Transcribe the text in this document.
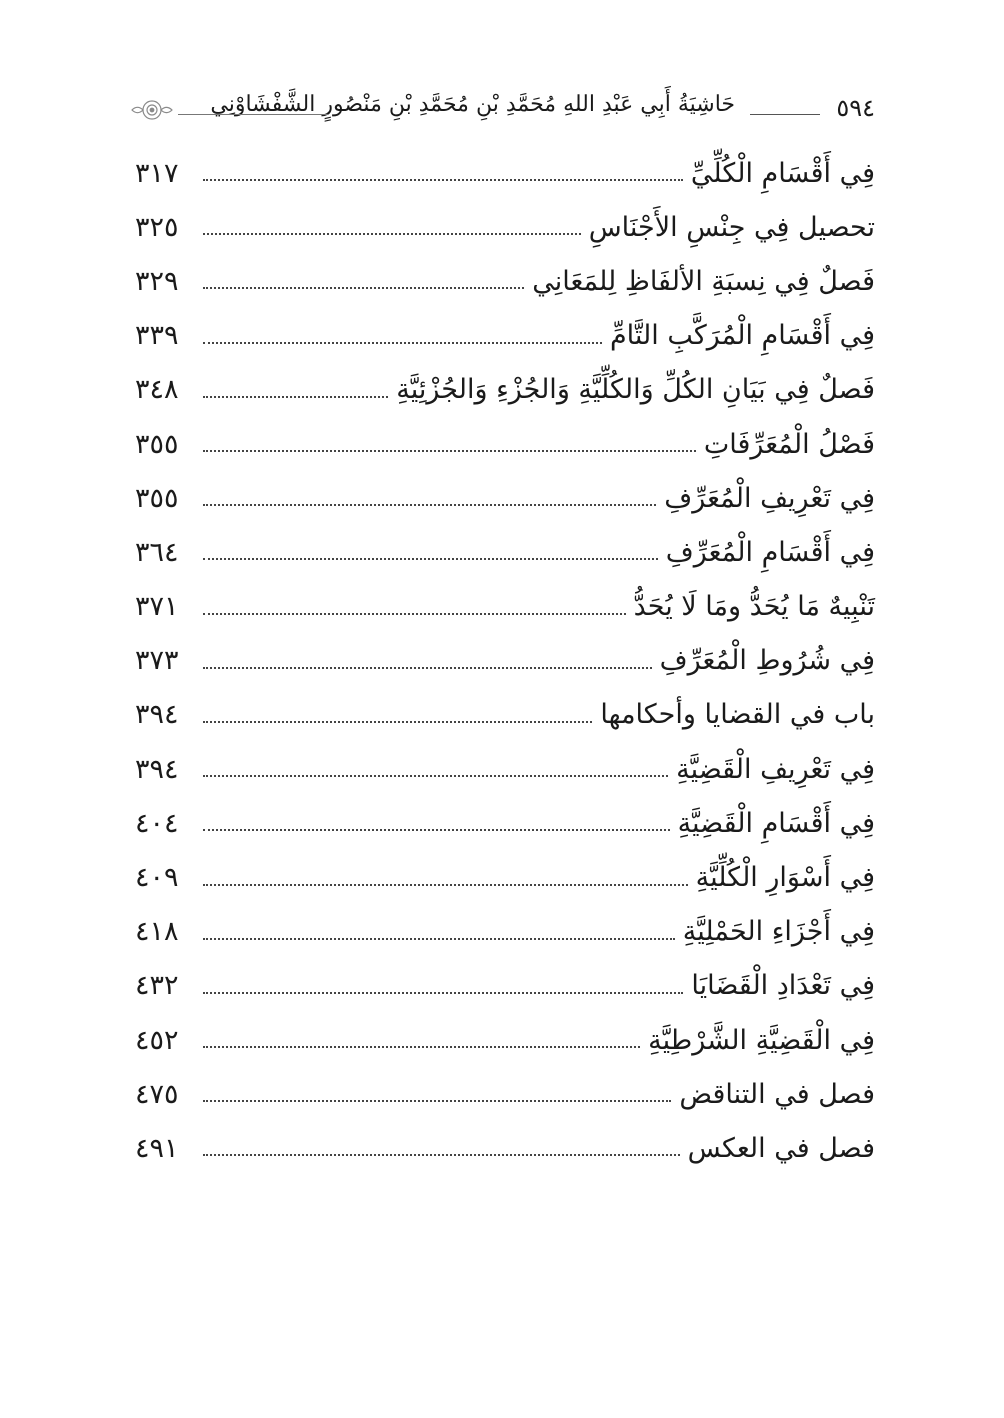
٥٩٤
حَاشِيَةُ أَبِي عَبْدِ اللهِ مُحَمَّدِ بْنِ مُحَمَّدِ بْنِ مَنْصُورٍ الشَّفْشَاوْنِي
فِي أَقْسَامِ الْكُلِّيِّ
٣١٧
تحصيل فِي جِنْسِ الأَجْنَاسِ
٣٢٥
فَصلٌ فِي نِسبَةِ الألفَاظِ لِلمَعَانِي
٣٢٩
فِي أَقْسَامِ الْمُرَكَّبِ التَّامِّ
٣٣٩
فَصلٌ فِي بَيَانِ الكُلِّ وَالكُلِّيَّةِ وَالجُزْءِ وَالجُزْئِيَّةِ
٣٤٨
فَصْلُ الْمُعَرِّفَاتِ
٣٥٥
فِي تَعْرِيفِ الْمُعَرِّفِ
٣٥٥
فِي أَقْسَامِ الْمُعَرِّفِ
٣٦٤
تَنْبِيهٌ مَا يُحَدُّ ومَا لَا يُحَدُّ
٣٧١
فِي شُرُوطِ الْمُعَرِّفِ
٣٧٣
باب في القضايا وأحكامها
٣٩٤
فِي تَعْرِيفِ الْقَضِيَّةِ
٣٩٤
فِي أَقْسَامِ الْقَضِيَّةِ
٤٠٤
فِي أَسْوَارِ الْكُلِّيَّةِ
٤٠٩
فِي أَجْزَاءِ الحَمْلِيَّةِ
٤١٨
فِي تَعْدَادِ الْقَضَايَا
٤٣٢
فِي الْقَضِيَّةِ الشَّرْطِيَّةِ
٤٥٢
فصل في التناقض
٤٧٥
فصل في العكس
٤٩١
